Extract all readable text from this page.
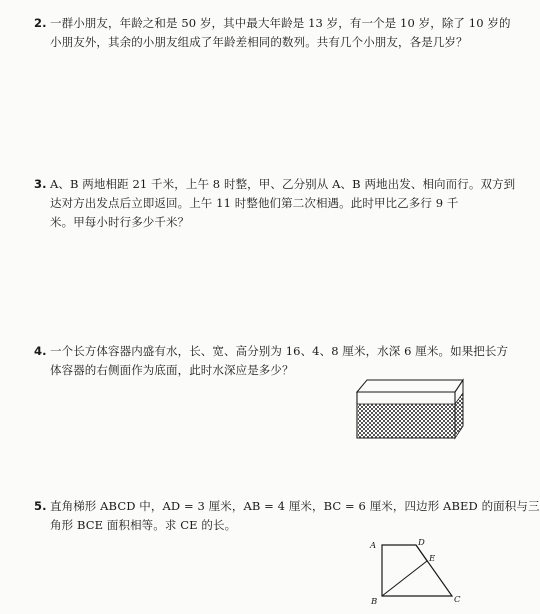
2. 一群小朋友，年龄之和是 50 岁，其中最大年龄是 13 岁，有一个是 10 岁，除了 10 岁的
小朋友外，其余的小朋友组成了年龄差相同的数列。共有几个小朋友，各是几岁？
3. A、B 两地相距 21 千米，上午 8 时整，甲、乙分别从 A、B 两地出发、相向而行。双方到
达对方出发点后立即返回。上午 11 时整他们第二次相遇。此时甲比乙多行 9 千
米。甲每小时行多少千米？
4. 一个长方体容器内盛有水，长、宽、高分别为 16、4、8 厘米，水深 6 厘米。如果把长方
体容器的右侧面作为底面，此时水深应是多少？
5. 直角梯形 ABCD 中，AD = 3 厘米，AB = 4 厘米，BC = 6 厘米，四边形 ABED 的面积与三
角形 BCE 面积相等。求 CE 的长。
A	D
E
B	C
